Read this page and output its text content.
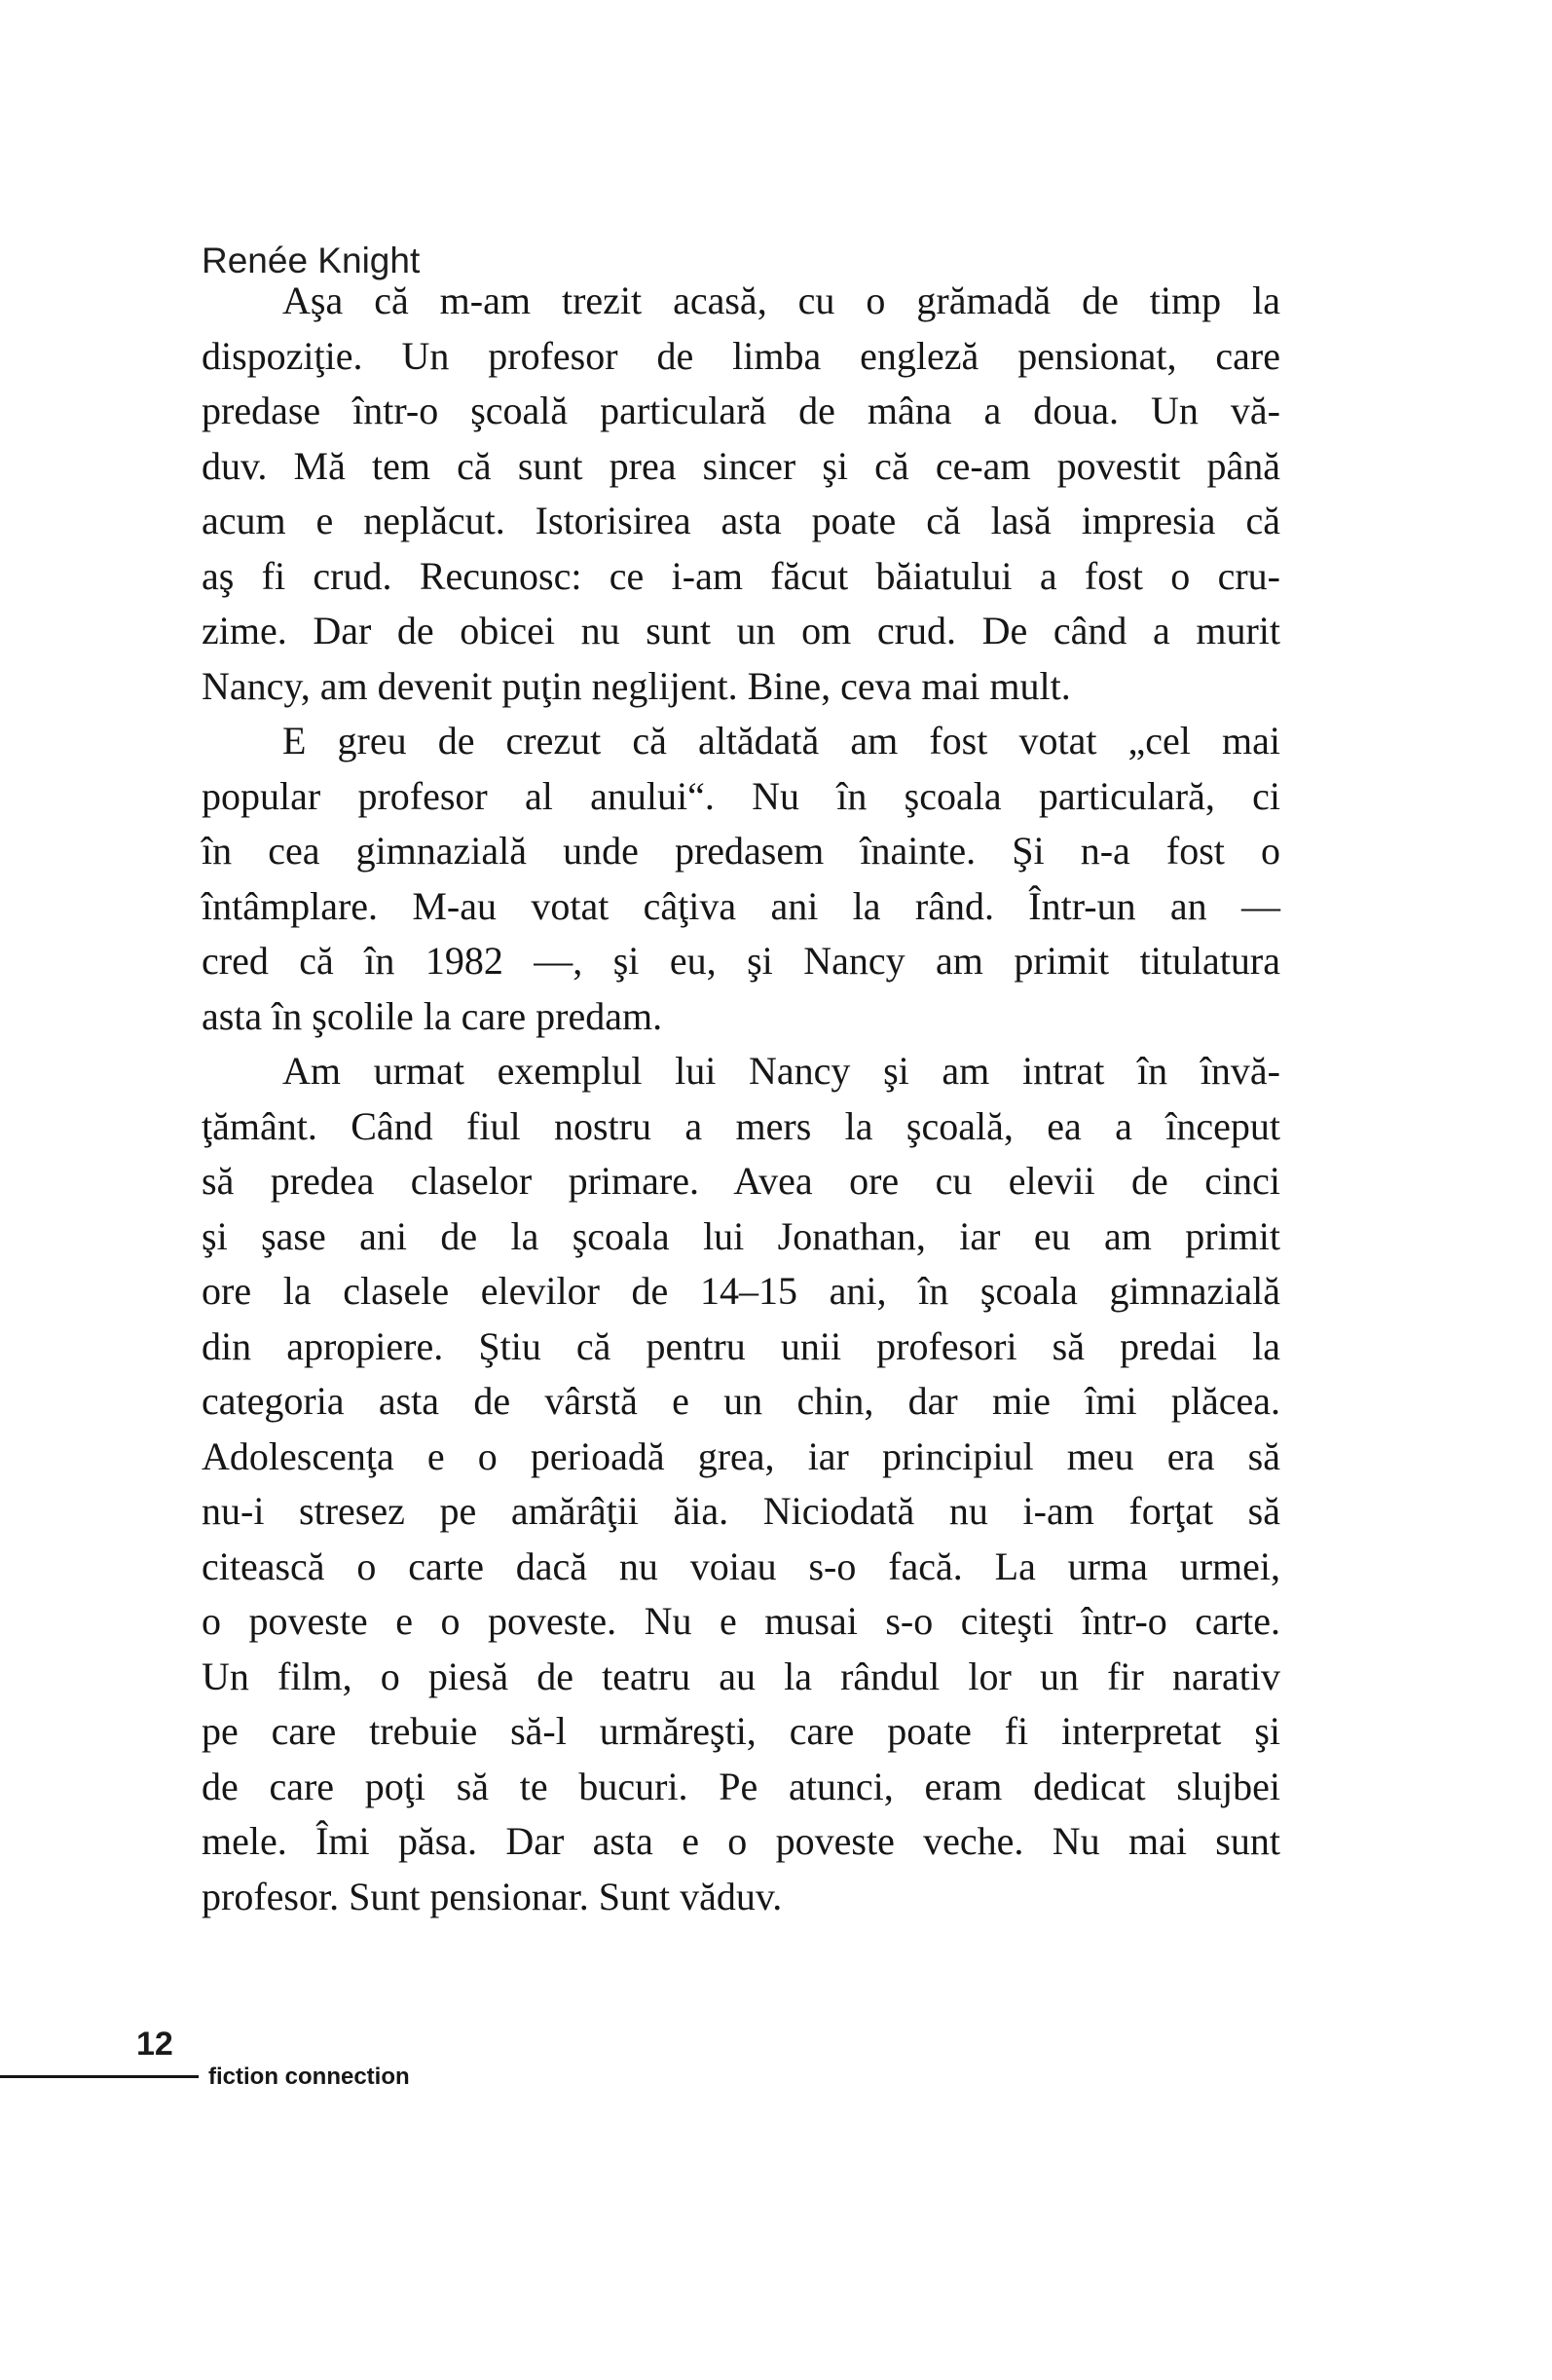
Renée Knight
Aşa că m-am trezit acasă, cu o grămadă de timp la
dispoziţie. Un profesor de limba engleză pensionat, care
predase într-o şcoală particulară de mâna a doua. Un vă-
duv. Mă tem că sunt prea sincer şi că ce-am povestit până
acum e neplăcut. Istorisirea asta poate că lasă impresia că
aş fi crud. Recunosc: ce i-am făcut băiatului a fost o cru-
zime. Dar de obicei nu sunt un om crud. De când a murit
Nancy, am devenit puţin neglijent. Bine, ceva mai mult.
E greu de crezut că altădată am fost votat „cel mai
popular profesor al anului“. Nu în şcoala particulară, ci
în cea gimnazială unde predasem înainte. Şi n-a fost o
întâmplare. M-au votat câţiva ani la rând. Într-un an —
cred că în 1982 —, şi eu, şi Nancy am primit titulatura
asta în şcolile la care predam.
Am urmat exemplul lui Nancy şi am intrat în învă-
ţământ. Când fiul nostru a mers la şcoală, ea a început
să predea claselor primare. Avea ore cu elevii de cinci
şi şase ani de la şcoala lui Jonathan, iar eu am primit
ore la clasele elevilor de 14–15 ani, în şcoala gimnazială
din apropiere. Ştiu că pentru unii profesori să predai la
categoria asta de vârstă e un chin, dar mie îmi plăcea.
Adolescenţa e o perioadă grea, iar principiul meu era să
nu-i stresez pe amărâţii ăia. Niciodată nu i-am forţat să
citească o carte dacă nu voiau s-o facă. La urma urmei,
o poveste e o poveste. Nu e musai s-o citeşti într-o carte.
Un film, o piesă de teatru au la rândul lor un fir narativ
pe care trebuie să-l urmăreşti, care poate fi interpretat şi
de care poţi să te bucuri. Pe atunci, eram dedicat slujbei
mele. Îmi păsa. Dar asta e o poveste veche. Nu mai sunt
profesor. Sunt pensionar. Sunt văduv.
12
fiction connection
